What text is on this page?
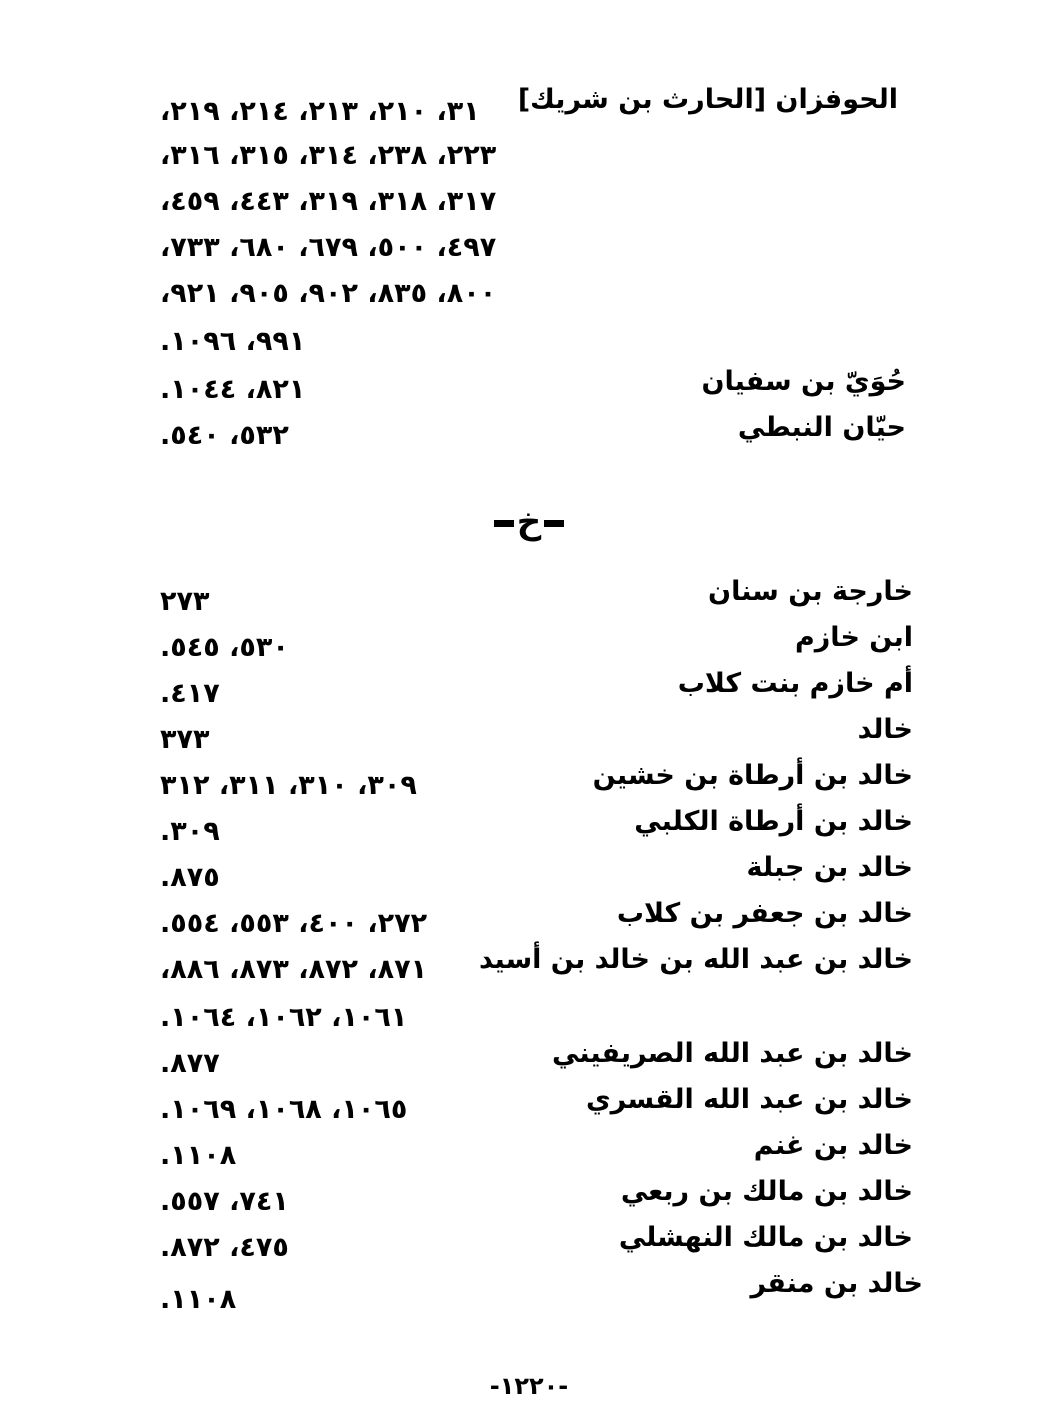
الحوفزان [الحارث بن شريك]
٣١، ٢١٠، ٢١٣، ٢١٤، ٢١٩،
٢٢٣، ٢٣٨، ٣١٤، ٣١٥، ٣١٦،
٣١٧، ٣١٨، ٣١٩، ٤٤٣، ٤٥٩،
٤٩٧، ٥٠٠، ٦٧٩، ٦٨٠، ٧٣٣،
٨٠٠، ٨٣٥، ٩٠٢، ٩٠٥، ٩٢١،
٩٩١، ١٠٩٦.
حُوَيّ بن سفيان
٨٢١، ١٠٤٤.
حيّان النبطي
٥٣٢، ٥٤٠.
خ
خارجة بن سنان
٢٧٣
ابن خازم
٥٣٠، ٥٤٥.
أم خازم بنت كلاب
٤١٧.
خالد
٣٧٣
خالد بن أرطاة بن خشين
٣٠٩، ٣١٠، ٣١١، ٣١٢
خالد بن أرطاة الكلبي
٣٠٩.
خالد بن جبلة
٨٧٥.
خالد بن جعفر بن كلاب
٢٧٢، ٤٠٠، ٥٥٣، ٥٥٤.
خالد بن عبد الله بن خالد بن أسيد
٨٧١، ٨٧٢، ٨٧٣، ٨٨٦،
١٠٦١، ١٠٦٢، ١٠٦٤.
خالد بن عبد الله الصريفيني
٨٧٧.
خالد بن عبد الله القسري
١٠٦٥، ١٠٦٨، ١٠٦٩.
خالد بن غنم
١١٠٨.
خالد بن مالك بن ربعي
٧٤١، ٥٥٧.
خالد بن مالك النهشلي
٤٧٥، ٨٧٢.
خالد بن منقر
١١٠٨.
-١٢٢٠-
